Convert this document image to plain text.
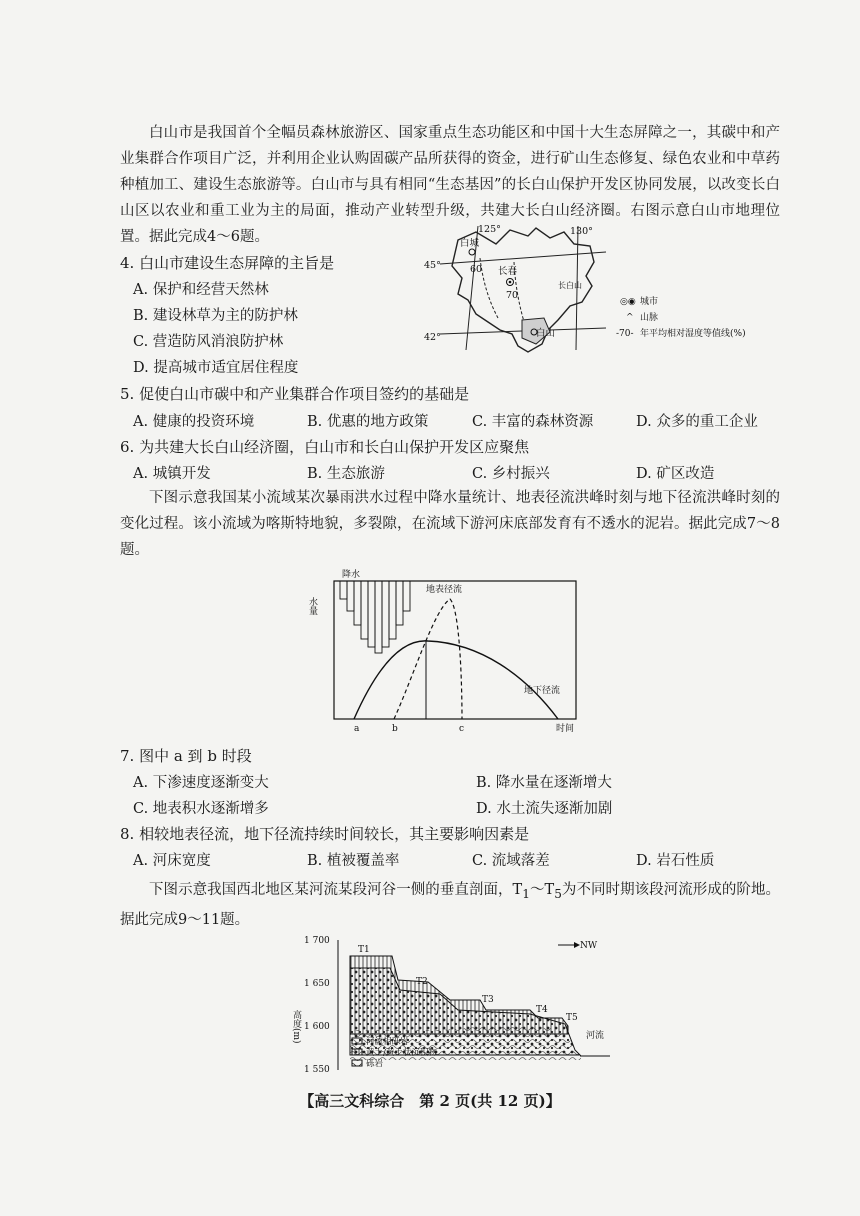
白山市是我国首个全幅员森林旅游区、国家重点生态功能区和中国十大生态屏障之一，其碳中和产业集群合作项目广泛，并利用企业认购固碳产品所获得的资金，进行矿山生态修复、绿色农业和中草药种植加工、建设生态旅游等。白山市与具有相同“生态基因”的长白山保护开发区协同发展，以改变长白山区以农业和重工业为主的局面，推动产业转型升级，共建大长白山经济圈。右图示意白山市地理位置。据此完成4～6题。	125°	130°
45°
42°
白城
长春
白山
60
70
长白山
◎◉ 城市
^ 山脉
-70- 年平均相对湿度等值线(%)
4. 白山市建设生态屏障的主旨是
A. 保护和经营天然林
B. 建设林草为主的防护林
C. 营造防风消浪防护林
D. 提高城市适宜居住程度
5. 促使白山市碳中和产业集群合作项目签约的基础是
A. 健康的投资环境	B. 优惠的地方政策	C. 丰富的森林资源	D. 众多的重工企业
6. 为共建大长白山经济圈，白山市和长白山保护开发区应聚焦
A. 城镇开发	B. 生态旅游	C. 乡村振兴	D. 矿区改造
下图示意我国某小流域某次暴雨洪水过程中降水量统计、地表径流洪峰时刻与地下径流洪峰时刻的变化过程。该小流域为喀斯特地貌，多裂隙，在流域下游河床底部发育有不透水的泥岩。据此完成7～8题。
水量
降水
地表径流
地下径流
时间
a	b	c
7. 图中 a 到 b 时段
A. 下渗速度逐渐变大	B. 降水量在逐渐增大
C. 地表积水逐渐增多	D. 水土流失逐渐加剧
8. 相较地表径流，地下径流持续时间较长，其主要影响因素是
A. 河床宽度	B. 植被覆盖率	C. 流域落差	D. 岩石性质
下图示意我国西北地区某河流某段河谷一侧的垂直剖面，$T_1\sim T_5$为不同时期该段河流形成的阶地。据此完成9～11题。
1 700
1 650
1 600
1 550
高度(m)
T1
T2
T3
T4
T5
NW
河流
河流相砾岩
黄土/黄土状沉积物
砾岩
【高三文科综合　第 2 页(共 12 页)】
